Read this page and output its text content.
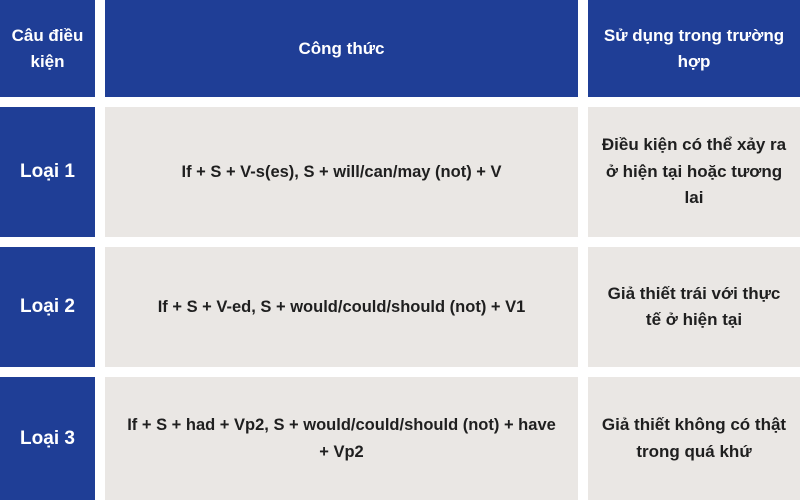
Câu điều kiện
Công thức
Sử dụng trong trường hợp
Loại 1	If + S + V-s(es), S + will/can/may (not) + V
Điều kiện có thể xảy ra ở hiện tại hoặc tương lai
Loại 2	If + S + V-ed, S + would/could/should (not) + V1
Giả thiết trái với thực tế ở hiện tại
Loại 3
If + S + had + Vp2, S + would/could/should (not) + have + Vp2
Giả thiết không có thật trong quá khứ
